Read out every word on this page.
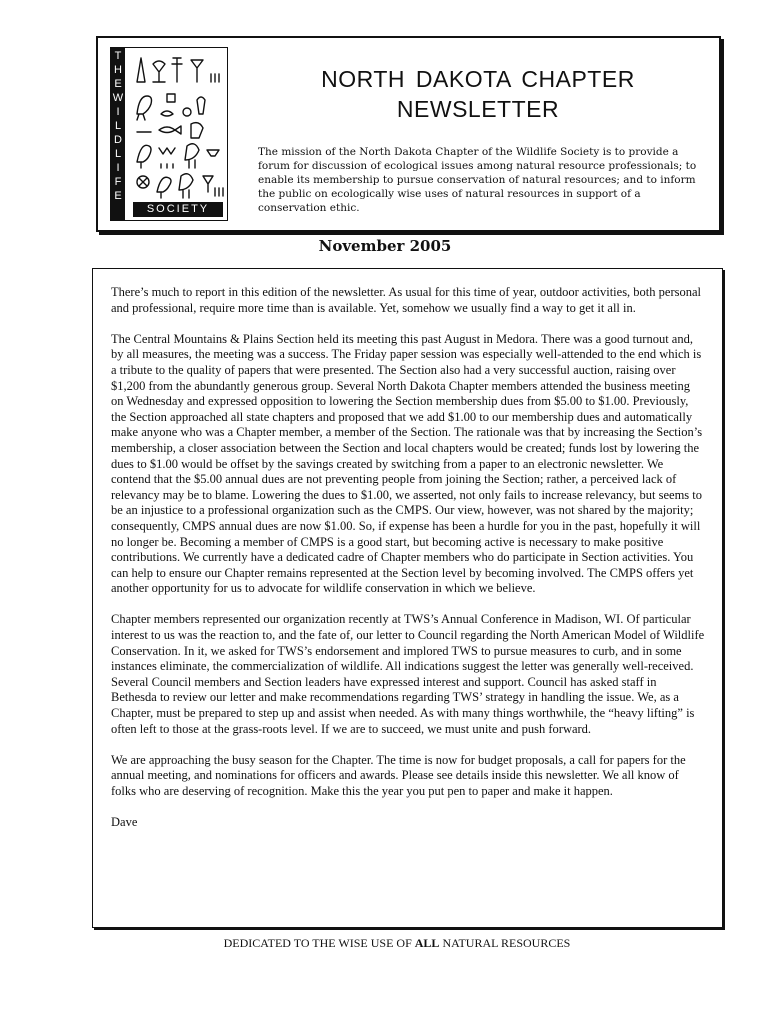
T
H
E
W
I
L
D
L
I
F
E
SOCIETY
NORTH DAKOTA CHAPTER
NEWSLETTER

The mission of the North Dakota Chapter of the Wildlife Society is to provide a forum for discussion of ecological issues among natural resource professionals; to enable its membership to pursue conservation of natural resources; and to inform the public on ecologically wise uses of natural resources in support of a conservation ethic.

November 2005

There’s much to report in this edition of the newsletter. As usual for this time of year, outdoor activities, both personal and professional, require more time than is available. Yet, somehow we usually find a way to get it all in.

The Central Mountains & Plains Section held its meeting this past August in Medora. There was a good turnout and, by all measures, the meeting was a success. The Friday paper session was especially well-attended to the end which is a tribute to the quality of papers that were presented. The Section also had a very successful auction, raising over $1,200 from the abundantly generous group. Several North Dakota Chapter members attended the business meeting on Wednesday and expressed opposition to lowering the Section membership dues from $5.00 to $1.00. Previously, the Section approached all state chapters and proposed that we add $1.00 to our membership dues and automatically make anyone who was a Chapter member, a member of the Section. The rationale was that by increasing the Section’s membership, a closer association between the Section and local chapters would be created; funds lost by lowering the dues to $1.00 would be offset by the savings created by switching from a paper to an electronic newsletter. We contend that the $5.00 annual dues are not preventing people from joining the Section; rather, a perceived lack of relevancy may be to blame. Lowering the dues to $1.00, we asserted, not only fails to increase relevancy, but seems to be an injustice to a professional organization such as the CMPS. Our view, however, was not shared by the majority; consequently, CMPS annual dues are now $1.00. So, if expense has been a hurdle for you in the past, hopefully it will no longer be. Becoming a member of CMPS is a good start, but becoming active is necessary to make positive contributions. We currently have a dedicated cadre of Chapter members who do participate in Section activities. You can help to ensure our Chapter remains represented at the Section level by becoming involved. The CMPS offers yet another opportunity for us to advocate for wildlife conservation in which we believe.

Chapter members represented our organization recently at TWS’s Annual Conference in Madison, WI. Of particular interest to us was the reaction to, and the fate of, our letter to Council regarding the North American Model of Wildlife Conservation. In it, we asked for TWS’s endorsement and implored TWS to pursue measures to curb, and in some instances eliminate, the commercialization of wildlife. All indications suggest the letter was generally well-received. Several Council members and Section leaders have expressed interest and support. Council has asked staff in Bethesda to review our letter and make recommendations regarding TWS’ strategy in handling the issue. We, as a Chapter, must be prepared to step up and assist when needed. As with many things worthwhile, the “heavy lifting” is often left to those at the grass-roots level. If we are to succeed, we must unite and push forward.

We are approaching the busy season for the Chapter. The time is now for budget proposals, a call for papers for the annual meeting, and nominations for officers and awards. Please see details inside this newsletter. We all know of folks who are deserving of recognition. Make this the year you put pen to paper and make it happen.

Dave

DEDICATED TO THE WISE USE OF ALL NATURAL RESOURCES
